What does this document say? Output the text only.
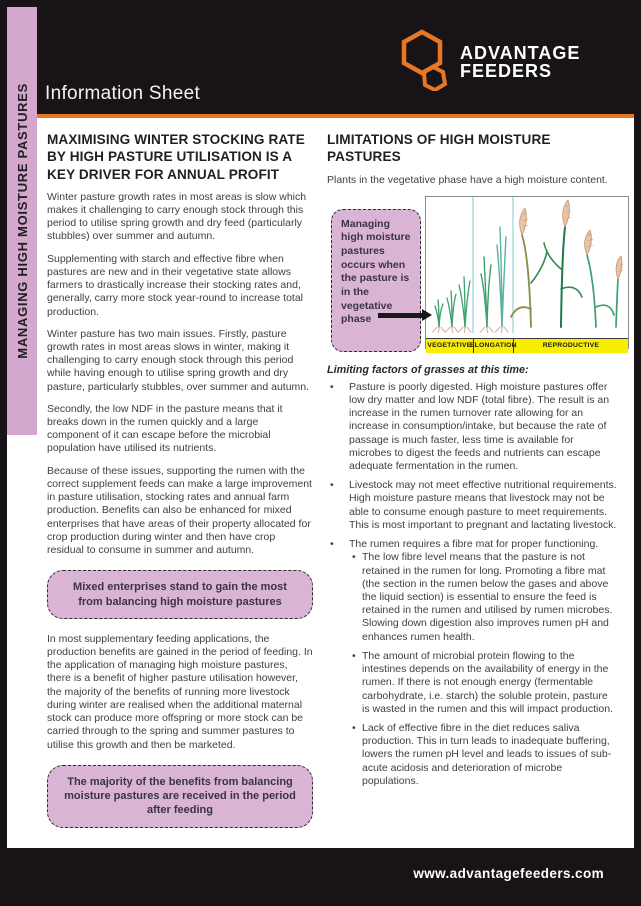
Information Sheet
ADVANTAGE
FEEDERS
MANAGING HIGH MOISTURE PASTURES MAXIMISING WINTER STOCKING RATE BY HIGH PASTURE UTILISATION IS A KEY DRIVER FOR ANNUAL PROFIT

Winter pasture growth rates in most areas is slow which makes it challenging to carry enough stock through this period to utilise spring growth and dry feed (particularly stubbles) over summer and autumn.

Supplementing with starch and effective fibre when pastures are new and in their vegetative state allows farmers to drastically increase their stocking rates and, generally, carry more stock year-round to increase total production.

Winter pasture has two main issues. Firstly, pasture growth rates in most areas slows in winter, making it challenging to carry enough stock through this period while having enough to utilise spring growth and dry pasture, particularly stubbles, over summer and autumn.

Secondly, the low NDF in the pasture means that it breaks down in the rumen quickly and a large component of it can escape before the microbial population have utilised its nutrients.

Because of these issues, supporting the rumen with the correct supplement feeds can make a large improvement in pasture utilisation, stocking rates and annual farm production. Benefits can also be enhanced for mixed enterprises that have areas of their property allocated for crop production during winter and then have crop residual to consume in summer and autumn.

Mixed enterprises stand to gain the most from balancing high moisture pastures

In most supplementary feeding applications, the production benefits are gained in the period of feeding. In the application of managing high moisture pastures, there is a benefit of higher pasture utilisation however, the majority of the benefits of running more livestock during winter are realised when the additional maternal stock can produce more offspring or more stock can be carried through to the spring and summer pastures to utilise this growth and then be marketed.

The majority of the benefits from balancing moisture pastures are received in the period after feeding
LIMITATIONS OF HIGH MOISTURE PASTURES

Plants in the vegetative phase have a high moisture content.

Managing high moisture pastures occurs when the pasture is in the vegetative phase
VEGETATIVE
ELONGATION	REPRODUCTIVE

Limiting factors of grasses at this time:

• Pasture is poorly digested. High moisture pastures offer low dry matter and low NDF (total fibre). The result is an increase in the rumen turnover rate allowing for an increase in consumption/intake, but because the rate of passage is much faster, less time is available for microbes to digest the feeds and nutrients can escape adequate fermentation in the rumen.
• Livestock may not meet effective nutritional requirements. High moisture pasture means that livestock may not be able to consume enough pasture to meet requirements. This is most important to pregnant and lactating livestock.
• The rumen requires a fibre mat for proper functioning.
• The low fibre level means that the pasture is not retained in the rumen for long. Promoting a fibre mat (the section in the rumen below the gases and above the liquid section) is essential to ensure the feed is retained in the rumen and utilised by rumen microbes. Slowing down digestion also improves rumen pH and enhances rumen health.
• The amount of microbial protein flowing to the intestines depends on the availability of energy in the rumen. If there is not enough energy (fermentable carbohydrate, i.e. starch) the soluble protein, pasture is wasted in the rumen and this will impact production.
• Lack of effective fibre in the diet reduces saliva production. This in turn leads to inadequate buffering, lowers the rumen pH level and leads to issues of sub-acute acidosis and deterioration of microbe populations.
www.advantagefeeders.com
